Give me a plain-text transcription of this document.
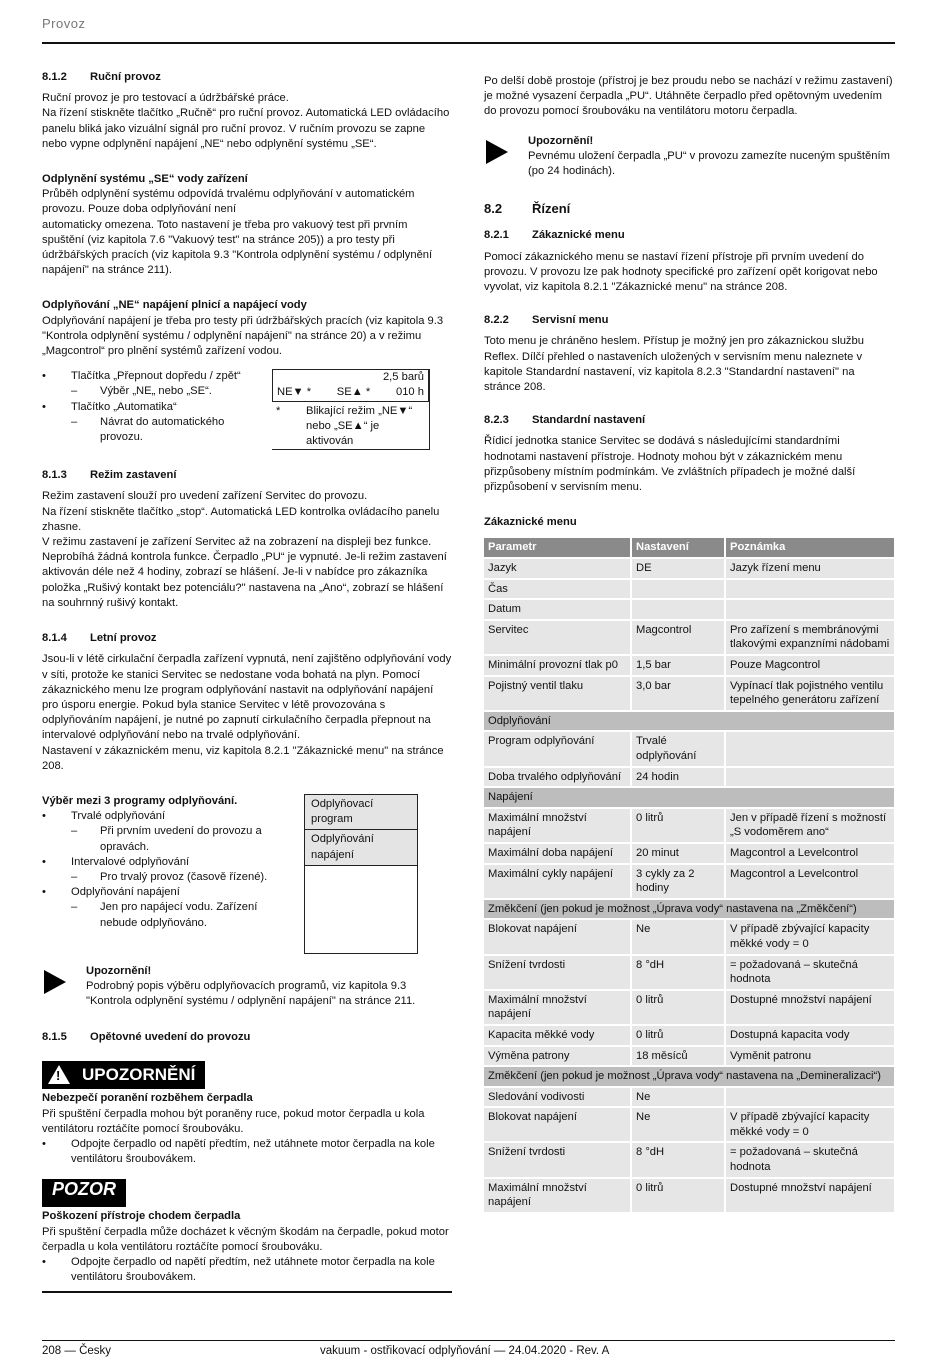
Provoz
8.1.2	Ruční provoz

Ruční provoz je pro testovací a údržbářské práce.

Na řízení stiskněte tlačítko „Ručně“ pro ruční provoz. Automatická LED ovládacího panelu bliká jako vizuální signál pro ruční provoz. V ručním provozu se zapne nebo vypne odplynění napájení „NE“ nebo odplynění systému „SE“.

Odplynění systému „SE“ vody zařízení

Průběh odplynění systému odpovídá trvalému odplyňování v automatickém provozu. Pouze doba odplyňování není

automaticky omezena. Toto nastavení je třeba pro vakuový test při prvním spuštění (viz kapitola 7.6 "Vakuový test" na stránce 205)) a pro testy při údržbářských pracích (viz kapitola 9.3 "Kontrola odplynění systému / odplynění napájení" na stránce 211).

Odplyňování „NE“ napájení plnicí a napájecí vody

Odplyňování napájení je třeba pro testy při údržbářských pracích (viz kapitola 9.3 "Kontrola odplynění systému / odplynění napájení" na stránce 20) a v režimu „Magcontrol“ pro plnění systémů zařízení vodou.

• Tlačítka „Přepnout dopředu / zpět“
– Výběr „NE„ nebo „SE“.
• Tlačítko „Automatika“
– Návrat do automatického provozu.
2,5 barů
NE▼ * SE▲ * 010 h
*	Blikající režim „NE▼“ nebo „SE▲“ je aktivován
8.1.3	Režim zastavení

Režim zastavení slouží pro uvedení zařízení Servitec do provozu.

Na řízení stiskněte tlačítko „stop“. Automatická LED kontrolka ovládacího panelu zhasne.

V režimu zastavení je zařízení Servitec až na zobrazení na displeji bez funkce. Neprobíhá žádná kontrola funkce. Čerpadlo „PU“ je vypnuté. Je-li režim zastavení aktivován déle než 4 hodiny, zobrazí se hlášení. Je-li v nabídce pro zákazníka položka „Rušivý kontakt bez potenciálu?" nastavena na „Ano“, zobrazí se hlášení na souhrnný rušivý kontakt.

8.1.4	Letní provoz

Jsou-li v létě cirkulační čerpadla zařízení vypnutá, není zajištěno odplyňování vody v síti, protože ke stanici Servitec se nedostane voda bohatá na plyn. Pomocí zákaznického menu lze program odplyňování nastavit na odplyňování napájení pro úsporu energie. Pokud byla stanice Servitec v létě provozována s odplyňováním napájení, je nutné po zapnutí cirkulačního čerpadla přepnout na intervalové odplyňování nebo na trvalé odplyňování.

Nastavení v zákaznickém menu, viz kapitola 8.2.1 "Zákaznické menu" na stránce 208.

Výběr mezi 3 programy odplyňování.
• Trvalé odplyňování
– Při prvním uvedení do provozu a opravách.
• Intervalové odplyňování
– Pro trvalý provoz (časově řízené).
• Odplyňování napájení
– Jen pro napájecí vodu. Zařízení nebude odplyňováno.
Odplyňovací program
Odplyňování napájení
Upozornění!

Podrobný popis výběru odplyňovacích programů, viz kapitola 9.3 "Kontrola odplynění systému / odplynění napájení" na stránce 211.

8.1.5	Opětovné uvedení do provozu
! UPOZORNĚNÍ
Nebezpečí poranění rozběhem čerpadla

Při spuštění čerpadla mohou být poraněny ruce, pokud motor čerpadla u kola ventilátoru roztáčíte pomocí šroubováku.

• Odpojte čerpadlo od napětí předtím, než utáhnete motor čerpadla na kole ventilátoru šroubovákem.
POZOR
Poškození přístroje chodem čerpadla

Při spuštění čerpadla může docházet k věcným škodám na čerpadle, pokud motor čerpadla u kola ventilátoru roztáčíte pomocí šroubováku.

• Odpojte čerpadlo od napětí předtím, než utáhnete motor čerpadla na kole ventilátoru šroubovákem.

Po delší době prostoje (přístroj je bez proudu nebo se nachází v režimu zastavení) je možné vysazení čerpadla „PU“. Utáhněte čerpadlo před opětovným uvedením do provozu pomocí šroubováku na ventilátoru motoru čerpadla.

Upozornění!

Pevnému uložení čerpadla „PU“ v provozu zamezíte nuceným spuštěním (po 24 hodinách).

8.2	Řízení
8.2.1	Zákaznické menu

Pomocí zákaznického menu se nastaví řízení přístroje při prvním uvedení do provozu. V provozu lze pak hodnoty specifické pro zařízení opět korigovat nebo vyvolat, viz kapitola 8.2.1 "Zákaznické menu" na stránce 208.

8.2.2	Servisní menu

Toto menu je chráněno heslem. Přístup je možný jen pro zákaznickou službu Reflex. Dílčí přehled o nastaveních uložených v servisním menu naleznete v kapitole Standardní nastavení, viz kapitola 8.2.3 "Standardní nastavení" na stránce 208.

8.2.3	Standardní nastavení

Řídicí jednotka stanice Servitec se dodává s následujícími standardními hodnotami nastavení přístroje. Hodnoty mohou být v zákaznickém menu přizpůsobeny místním podmínkám. Ve zvláštních případech je možné další přizpůsobení v servisním menu.

Zákaznické menu
Parametr	Nastavení	Poznámka
Jazyk	DE	Jazyk řízení menu
Čas		
Datum		
Servitec	Magcontrol	Pro zařízení s membránovými tlakovými expanzními nádobami
Minimální provozní tlak p0	1,5 bar	Pouze Magcontrol
Pojistný ventil tlaku	3,0 bar	Vypínací tlak pojistného ventilu tepelného generátoru zařízení
Odplyňování		
Program odplyňování	Trvalé odplyňování	
Doba trvalého odplyňování	24 hodin	
Napájení		
Maximální množství napájení	0 litrů	Jen v případě řízení s možností „S vodoměrem ano“
Maximální doba napájení	20 minut	Magcontrol a Levelcontrol
Maximální cykly napájení	3 cykly za 2 hodiny	Magcontrol a Levelcontrol
Změkčení (jen pokud je možnost „Úprava vody“ nastavena na „Změkčení“)		
Blokovat napájení	Ne	V případě zbývající kapacity měkké vody = 0
Snížení tvrdosti	8 °dH	= požadovaná – skutečná hodnota
Maximální množství napájení	0 litrů	Dostupné množství napájení
Kapacita měkké vody	0 litrů	Dostupná kapacita vody
Výměna patrony	18 měsíců	Vyměnit patronu
Změkčení (jen pokud je možnost „Úprava vody“ nastavena na „Demineralizaci“)		
Sledování vodivosti	Ne	
Blokovat napájení	Ne	V případě zbývající kapacity měkké vody = 0
Snížení tvrdosti	8 °dH	= požadovaná – skutečná hodnota
Maximální množství napájení	0 litrů	Dostupné množství napájení
208 — Česky	vakuum - ostřikovací odplyňování — 24.04.2020 - Rev. A
